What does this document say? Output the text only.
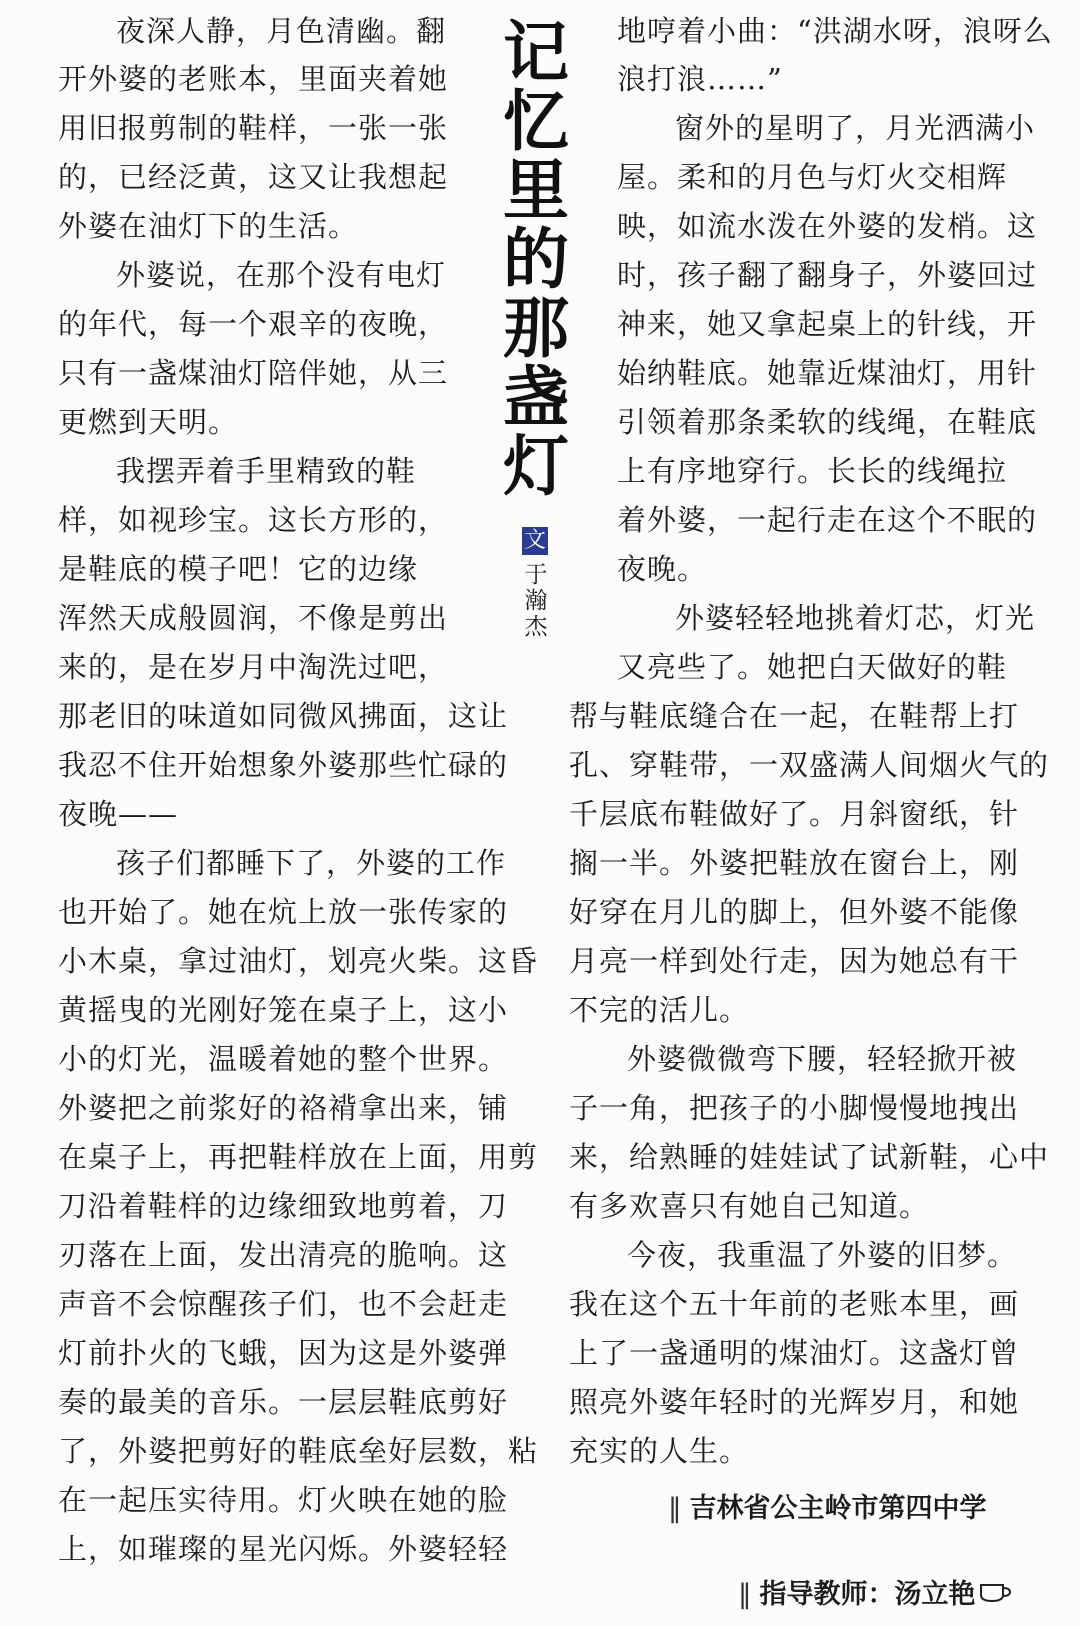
记
忆
里
的
那
盏
灯
文
于
瀚
杰
夜深人静，月色清幽。翻
开外婆的老账本，里面夹着她
用旧报剪制的鞋样，一张一张
的，已经泛黄，这又让我想起
外婆在油灯下的生活。
外婆说，在那个没有电灯
的年代，每一个艰辛的夜晚，
只有一盏煤油灯陪伴她，从三
更燃到天明。
我摆弄着手里精致的鞋
样，如视珍宝。这长方形的，
是鞋底的模子吧！它的边缘
浑然天成般圆润，不像是剪出
来的，是在岁月中淘洗过吧，
那老旧的味道如同微风拂面，这让
我忍不住开始想象外婆那些忙碌的
夜晚——
孩子们都睡下了，外婆的工作
也开始了。她在炕上放一张传家的
小木桌，拿过油灯，划亮火柴。这昏
黄摇曳的光刚好笼在桌子上，这小
小的灯光，温暖着她的整个世界。
外婆把之前浆好的袼褙拿出来，铺
在桌子上，再把鞋样放在上面，用剪
刀沿着鞋样的边缘细致地剪着，刀
刃落在上面，发出清亮的脆响。这
声音不会惊醒孩子们，也不会赶走
灯前扑火的飞蛾，因为这是外婆弹
奏的最美的音乐。一层层鞋底剪好
了，外婆把剪好的鞋底垒好层数，粘
在一起压实待用。灯火映在她的脸
上，如璀璨的星光闪烁。外婆轻轻
地哼着小曲：“洪湖水呀，浪呀么
浪打浪……”
窗外的星明了，月光洒满小
屋。柔和的月色与灯火交相辉
映，如流水泼在外婆的发梢。这
时，孩子翻了翻身子，外婆回过
神来，她又拿起桌上的针线，开
始纳鞋底。她靠近煤油灯，用针
引领着那条柔软的线绳，在鞋底
上有序地穿行。长长的线绳拉
着外婆，一起行走在这个不眠的
夜晚。
外婆轻轻地挑着灯芯，灯光
又亮些了。她把白天做好的鞋
帮与鞋底缝合在一起，在鞋帮上打
孔、穿鞋带，一双盛满人间烟火气的
千层底布鞋做好了。月斜窗纸，针
搁一半。外婆把鞋放在窗台上，刚
好穿在月儿的脚上，但外婆不能像
月亮一样到处行走，因为她总有干
不完的活儿。
外婆微微弯下腰，轻轻掀开被
子一角，把孩子的小脚慢慢地拽出
来，给熟睡的娃娃试了试新鞋，心中
有多欢喜只有她自己知道。
今夜，我重温了外婆的旧梦。
我在这个五十年前的老账本里，画
上了一盏通明的煤油灯。这盏灯曾
照亮外婆年轻时的光辉岁月，和她
充实的人生。
‖ 吉林省公主岭市第四中学
‖ 指导教师：汤立艳
